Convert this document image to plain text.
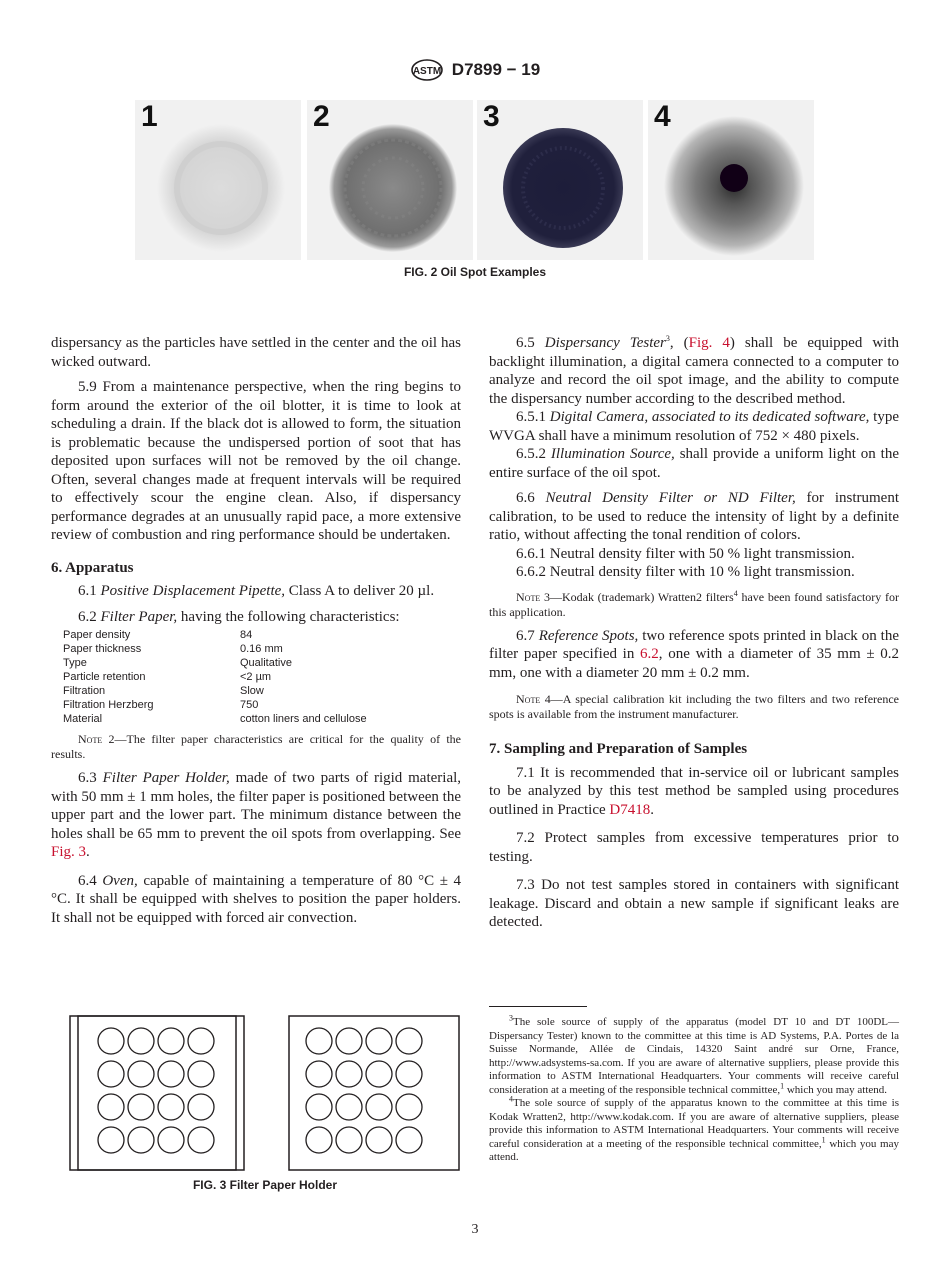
ASTM D7899 − 19
1	2	3	4
FIG. 2 Oil Spot Examples

dispersancy as the particles have settled in the center and the oil has wicked outward.

5.9 From a maintenance perspective, when the ring begins to form around the exterior of the oil blotter, it is time to look at scheduling a drain. If the black dot is allowed to form, the situation is problematic because the undispersed portion of soot that has deposited upon surfaces will not be removed by the oil change. Often, several changes made at frequent intervals will be required to effectively scour the engine clean. Also, if dispersancy performance degrades at an unusually rapid pace, a more extensive review of combustion and ring performance should be undertaken.

6. Apparatus

6.1 Positive Displacement Pipette, Class A to deliver 20 µl.

6.2 Filter Paper, having the following characteristics:

Paper density	84
Paper thickness	0.16 mm
Type	Qualitative
Particle retention	<2 µm
Filtration	Slow
Filtration Herzberg	750
Material	cotton liners and cellulose

Note 2—The filter paper characteristics are critical for the quality of the results.

6.3 Filter Paper Holder, made of two parts of rigid material, with 50 mm ± 1 mm holes, the filter paper is positioned between the upper part and the lower part. The minimum distance between the holes shall be 65 mm to prevent the oil spots from overlapping. See Fig. 3.

6.4 Oven, capable of maintaining a temperature of 80 °C ± 4 °C. It shall be equipped with shelves to position the paper holders. It shall not be equipped with forced air convection.

FIG. 3 Filter Paper Holder

6.5 Dispersancy Tester$^3$, (Fig. 4) shall be equipped with backlight illumination, a digital camera connected to a computer to analyze and record the oil spot image, and the ability to compute the dispersancy number according to the described method.

6.5.1 Digital Camera, associated to its dedicated software, type WVGA shall have a minimum resolution of 752 × 480 pixels.

6.5.2 Illumination Source, shall provide a uniform light on the entire surface of the oil spot.

6.6 Neutral Density Filter or ND Filter, for instrument calibration, to be used to reduce the intensity of light by a definite ratio, without affecting the tonal rendition of colors.

6.6.1 Neutral density filter with 50 % light transmission.

6.6.2 Neutral density filter with 10 % light transmission.

Note 3—Kodak (trademark) Wratten2 filters$^4$ have been found satisfactory for this application.

6.7 Reference Spots, two reference spots printed in black on the filter paper specified in 6.2, one with a diameter of 35 mm ± 0.2 mm, one with a diameter 20 mm ± 0.2 mm.

Note 4—A special calibration kit including the two filters and two reference spots is available from the instrument manufacturer.

7. Sampling and Preparation of Samples

7.1 It is recommended that in-service oil or lubricant samples to be analyzed by this test method be sampled using procedures outlined in Practice D7418.

7.2 Protect samples from excessive temperatures prior to testing.

7.3 Do not test samples stored in containers with significant leakage. Discard and obtain a new sample if significant leaks are detected.

$^3$The sole source of supply of the apparatus (model DT 10 and DT 100DL—Dispersancy Tester) known to the committee at this time is AD Systems, P.A. Portes de la Suisse Normande, Allée de Cindais, 14320 Saint andré sur Orne, France, http://www.adsystems-sa.com. If you are aware of alternative suppliers, please provide this information to ASTM International Headquarters. Your comments will receive careful consideration at a meeting of the responsible technical committee,$^1$ which you may attend.

$^4$The sole source of supply of the apparatus known to the committee at this time is Kodak Wratten2, http://www.kodak.com. If you are aware of alternative suppliers, please provide this information to ASTM International Headquarters. Your comments will receive careful consideration at a meeting of the responsible technical committee,$^1$ which you may attend.

3
